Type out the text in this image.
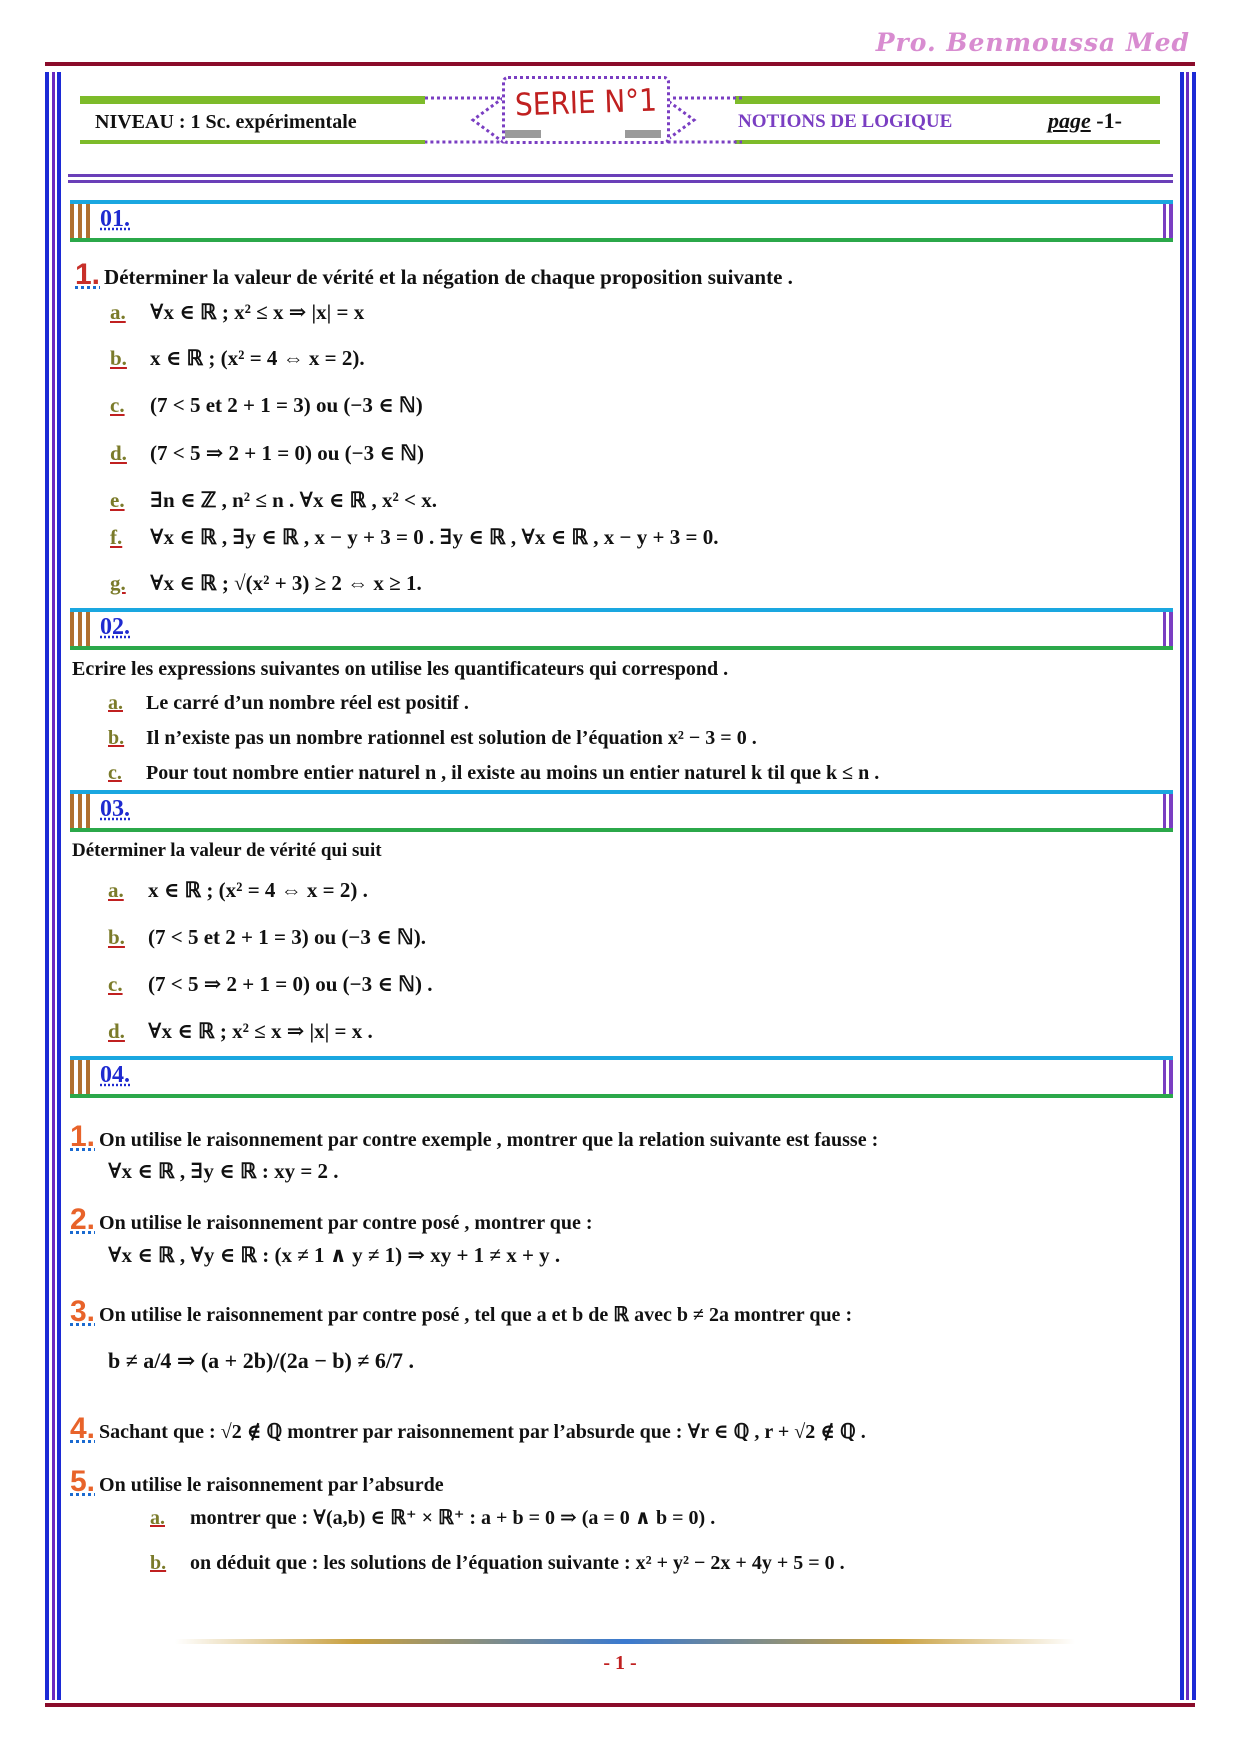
Pro. Benmoussa Med
NIVEAU : 1 Sc. expérimentale	SERIE N°1	NOTIONS DE LOGIQUE	page -1-
01.
1. Déterminer la valeur de vérité et la négation de chaque proposition suivante .
a. ∀x ∈ ℝ ; x² ≤ x ⇒ |x| = x
b. x ∈ ℝ ; (x² = 4 ⇔ x = 2).
c. (7 < 5 et 2 + 1 = 3) ou (−3 ∈ ℕ)
d. (7 < 5 ⇒ 2 + 1 = 0) ou (−3 ∈ ℕ)
e. ∃n ∈ ℤ , n² ≤ n . ∀x ∈ ℝ , x² < x.
f. ∀x ∈ ℝ , ∃y ∈ ℝ , x − y + 3 = 0 . ∃y ∈ ℝ , ∀x ∈ ℝ , x − y + 3 = 0.
g. ∀x ∈ ℝ ; √(x² + 3) ≥ 2 ⇔ x ≥ 1.
02.
Ecrire les expressions suivantes on utilise les quantificateurs qui correspond .
a. Le carré d’un nombre réel est positif .
b. Il n’existe pas un nombre rationnel est solution de l’équation x² − 3 = 0 .
c. Pour tout nombre entier naturel n , il existe au moins un entier naturel k til que k ≤ n .
03.
Déterminer la valeur de vérité qui suit
a. x ∈ ℝ ; (x² = 4 ⇔ x = 2) .
b. (7 < 5 et 2 + 1 = 3) ou (−3 ∈ ℕ).
c. (7 < 5 ⇒ 2 + 1 = 0) ou (−3 ∈ ℕ) .
d. ∀x ∈ ℝ ; x² ≤ x ⇒ |x| = x .
04.
1. On utilise le raisonnement par contre exemple , montrer que la relation suivante est fausse :
∀x ∈ ℝ , ∃y ∈ ℝ : xy = 2 .
2. On utilise le raisonnement par contre posé , montrer que :
∀x ∈ ℝ , ∀y ∈ ℝ : (x ≠ 1 ∧ y ≠ 1) ⇒ xy + 1 ≠ x + y .
3. On utilise le raisonnement par contre posé , tel que a et b de ℝ avec b ≠ 2a montrer que :
b ≠ a/4 ⇒ (a + 2b)/(2a − b) ≠ 6/7 .
4. Sachant que : √2 ∉ ℚ montrer par raisonnement par l’absurde que : ∀r ∈ ℚ , r + √2 ∉ ℚ .
5. On utilise le raisonnement par l’absurde
a. montrer que : ∀(a,b) ∈ ℝ⁺ × ℝ⁺ : a + b = 0 ⇒ (a = 0 ∧ b = 0) .
b. on déduit que : les solutions de l’équation suivante : x² + y² − 2x + 4y + 5 = 0 .
- 1 -
